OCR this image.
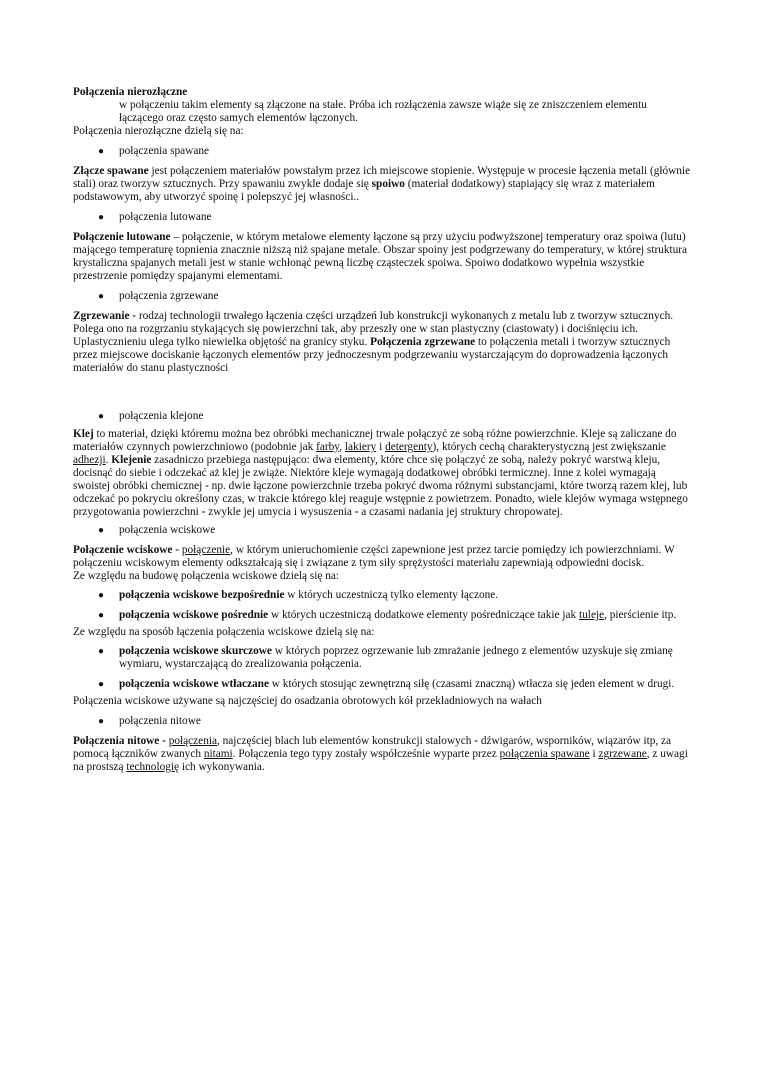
Połączenia nierozłączne

w połączeniu takim elementy są złączone na stałe. Próba ich rozłączenia zawsze wiąże się ze zniszczeniem elementu łączącego oraz często samych elementów łączonych.

Połączenia nierozłączne dzielą się na:

● połączenia spawane

Złącze spawane jest połączeniem materiałów powstałym przez ich miejscowe stopienie. Występuje w procesie łączenia metali (głównie stali) oraz tworzyw sztucznych. Przy spawaniu zwykle dodaje się spoiwo (materiał dodatkowy) stapiający się wraz z materiałem podstawowym, aby utworzyć spoinę i polepszyć jej własności..

● połączenia lutowane

Połączenie lutowane – połączenie, w którym metalowe elementy łączone są przy użyciu podwyższonej temperatury oraz spoiwa (lutu) mającego temperaturę topnienia znacznie niższą niż spajane metale. Obszar spoiny jest podgrzewany do temperatury, w której struktura krystaliczna spajanych metali jest w stanie wchłonąć pewną liczbę cząsteczek spoiwa. Spoiwo dodatkowo wypełnia wszystkie przestrzenie pomiędzy spajanymi elementami.

● połączenia zgrzewane

Zgrzewanie - rodzaj technologii trwałego łączenia części urządzeń lub konstrukcji wykonanych z metalu lub z tworzyw sztucznych. Polega ono na rozgrzaniu stykających się powierzchni tak, aby przeszły one w stan plastyczny (ciastowaty) i dociśnięciu ich. Uplastycznieniu ulega tylko niewielka objętość na granicy styku. Połączenia zgrzewane to połączenia metali i tworzyw sztucznych przez miejscowe dociskanie łączonych elementów przy jednoczesnym podgrzewaniu wystarczającym do doprowadzenia łączonych materiałów do stanu plastyczności

● połączenia klejone

Klej to materiał, dzięki któremu można bez obróbki mechanicznej trwale połączyć ze sobą różne powierzchnie. Kleje są zaliczane do materiałów czynnych powierzchniowo (podobnie jak farby, lakiery i detergenty), których cechą charakterystyczną jest zwiększanie adhezji. Klejenie zasadniczo przebiega następująco: dwa elementy, które chce się połączyć ze sobą, należy pokryć warstwą kleju, docisnąć do siebie i odczekać aż klej je zwiąże. Niektóre kleje wymagają dodatkowej obróbki termicznej. Inne z kolei wymagają swoistej obróbki chemicznej - np. dwie łączone powierzchnie trzeba pokryć dwoma różnymi substancjami, które tworzą razem klej, lub odczekać po pokryciu określony czas, w trakcie którego klej reaguje wstępnie z powietrzem. Ponadto, wiele klejów wymaga wstępnego przygotowania powierzchni - zwykle jej umycia i wysuszenia - a czasami nadania jej struktury chropowatej.

● połączenia wciskowe

Połączenie wciskowe - połączenie, w którym unieruchomienie części zapewnione jest przez tarcie pomiędzy ich powierzchniami. W połączeniu wciskowym elementy odkształcają się i związane z tym siły sprężystości materiału zapewniają odpowiedni docisk.

Ze względu na budowę połączenia wciskowe dzielą się na:

● połączenia wciskowe bezpośrednie w których uczestniczą tylko elementy łączone.

● połączenia wciskowe pośrednie w których uczestniczą dodatkowe elementy pośredniczące takie jak tuleje, pierścienie itp.

Ze względu na sposób łączenia połączenia wciskowe dzielą się na:

● połączenia wciskowe skurczowe w których poprzez ogrzewanie lub zmrażanie jednego z elementów uzyskuje się zmianę wymiaru, wystarczającą do zrealizowania połączenia.

● połączenia wciskowe wtłaczane w których stosując zewnętrzną siłę (czasami znaczną) wtłacza się jeden element w drugi.

Połączenia wciskowe używane są najczęściej do osadzania obrotowych kół przekładniowych na wałach

● połączenia nitowe

Połączenia nitowe - połączenia, najczęściej blach lub elementów konstrukcji stalowych - dźwigarów, wsporników, wiązarów itp, za pomocą łączników zwanych nitami. Połączenia tego typy zostały współcześnie wyparte przez połączenia spawane i zgrzewane, z uwagi na prostszą technologię ich wykonywania.
